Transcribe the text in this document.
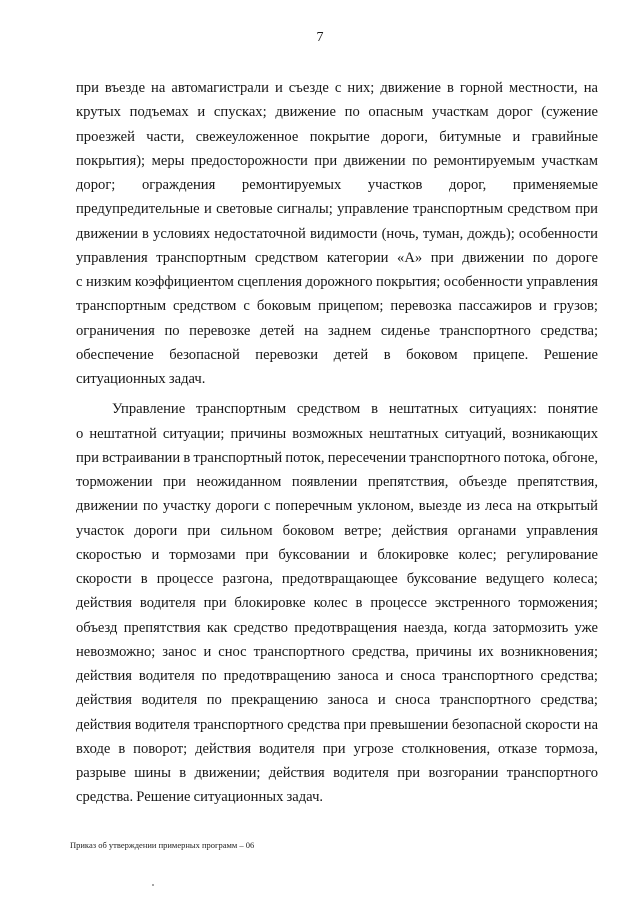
7
при въезде на автомагистрали и съезде с них; движение в горной местности, на
крутых подъемах и спусках; движение по опасным участкам дорог (сужение
проезжей части, свежеуложенное покрытие дороги, битумные и гравийные
покрытия); меры предосторожности при движении по ремонтируемым участкам
дорог; ограждения ремонтируемых участков дорог, применяемые
предупредительные и световые сигналы; управление транспортным средством при
движении в условиях недостаточной видимости (ночь, туман, дождь); особенности
управления транспортным средством категории «А» при движении по дороге
с низким коэффициентом сцепления дорожного покрытия; особенности управления
транспортным средством с боковым прицепом; перевозка пассажиров и грузов;
ограничения по перевозке детей на заднем сиденье транспортного средства;
обеспечение безопасной перевозки детей в боковом прицепе. Решение
ситуационных задач.
Управление транспортным средством в нештатных ситуациях: понятие
о нештатной ситуации; причины возможных нештатных ситуаций, возникающих
при встраивании в транспортный поток, пересечении транспортного потока, обгоне,
торможении при неожиданном появлении препятствия, объезде препятствия,
движении по участку дороги с поперечным уклоном, выезде из леса на открытый
участок дороги при сильном боковом ветре; действия органами управления
скоростью и тормозами при буксовании и блокировке колес; регулирование
скорости в процессе разгона, предотвращающее буксование ведущего колеса;
действия водителя при блокировке колес в процессе экстренного торможения;
объезд препятствия как средство предотвращения наезда, когда затормозить уже
невозможно; занос и снос транспортного средства, причины их возникновения;
действия водителя по предотвращению заноса и сноса транспортного средства;
действия водителя по прекращению заноса и сноса транспортного средства;
действия водителя транспортного средства при превышении безопасной скорости на
входе в поворот; действия водителя при угрозе столкновения, отказе тормоза,
разрыве шины в движении; действия водителя при возгорании транспортного
средства. Решение ситуационных задач.
Приказ об утверждении примерных программ – 06
